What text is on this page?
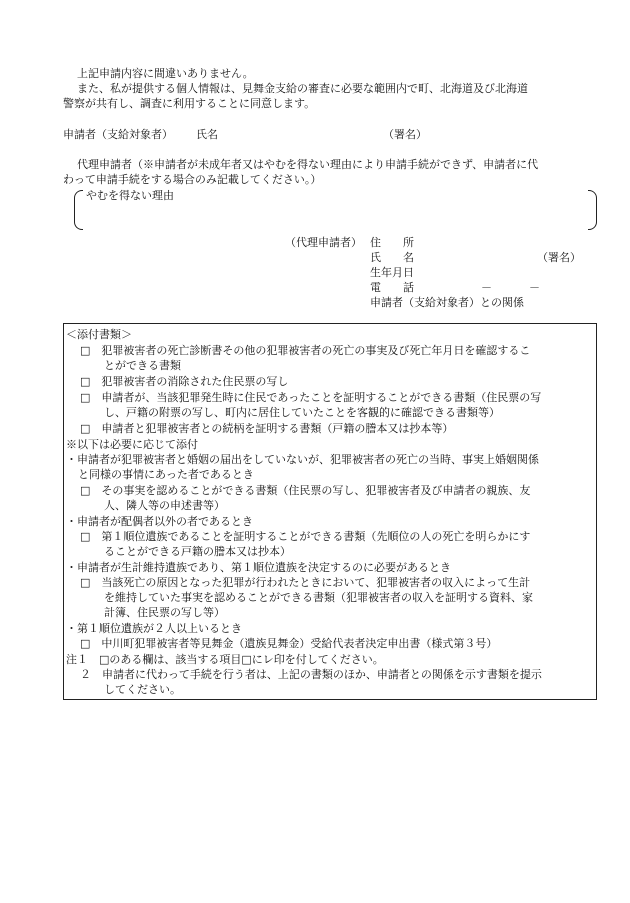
上記申請内容に間違いありません。
また、私が提供する個人情報は、見舞金支給の審査に必要な範囲内で町、北海道及び北海道
警察が共有し、調査に利用することに同意します。
申請者（支給対象者） 氏名	（署名）
代理申請者（※申請者が未成年者又はやむを得ない理由により申請手続ができず、申請者に代
わって申請手続をする場合のみ記載してください。）
やむを得ない理由
（代理申請者） 住　　所
氏　　名	（署名）
生年月日
電　　話	－	－
申請者（支給対象者）との関係
＜添付書類＞
□　犯罪被害者の死亡診断書その他の犯罪被害者の死亡の事実及び死亡年月日を確認するこ
とができる書類
□　犯罪被害者の消除された住民票の写し
□　申請者が、当該犯罪発生時に住民であったことを証明することができる書類（住民票の写
し、戸籍の附票の写し、町内に居住していたことを客観的に確認できる書類等）
□　申請者と犯罪被害者との続柄を証明する書類（戸籍の謄本又は抄本等）
※以下は必要に応じて添付
・申請者が犯罪被害者と婚姻の届出をしていないが、犯罪被害者の死亡の当時、事実上婚姻関係
と同様の事情にあった者であるとき
□　その事実を認めることができる書類（住民票の写し、犯罪被害者及び申請者の親族、友
人、隣人等の申述書等）
・申請者が配偶者以外の者であるとき
□　第１順位遺族であることを証明することができる書類（先順位の人の死亡を明らかにす
ることができる戸籍の謄本又は抄本）
・申請者が生計維持遺族であり、第１順位遺族を決定するのに必要があるとき
□　当該死亡の原因となった犯罪が行われたときにおいて、犯罪被害者の収入によって生計
を維持していた事実を認めることができる書類（犯罪被害者の収入を証明する資料、家
計簿、住民票の写し等）
・第１順位遺族が２人以上いるとき
□　中川町犯罪被害者等見舞金（遺族見舞金）受給代表者決定申出書（様式第３号）
注１　□のある欄は、該当する項目□にレ印を付してください。
２　申請者に代わって手続を行う者は、上記の書類のほか、申請者との関係を示す書類を提示
してください。
